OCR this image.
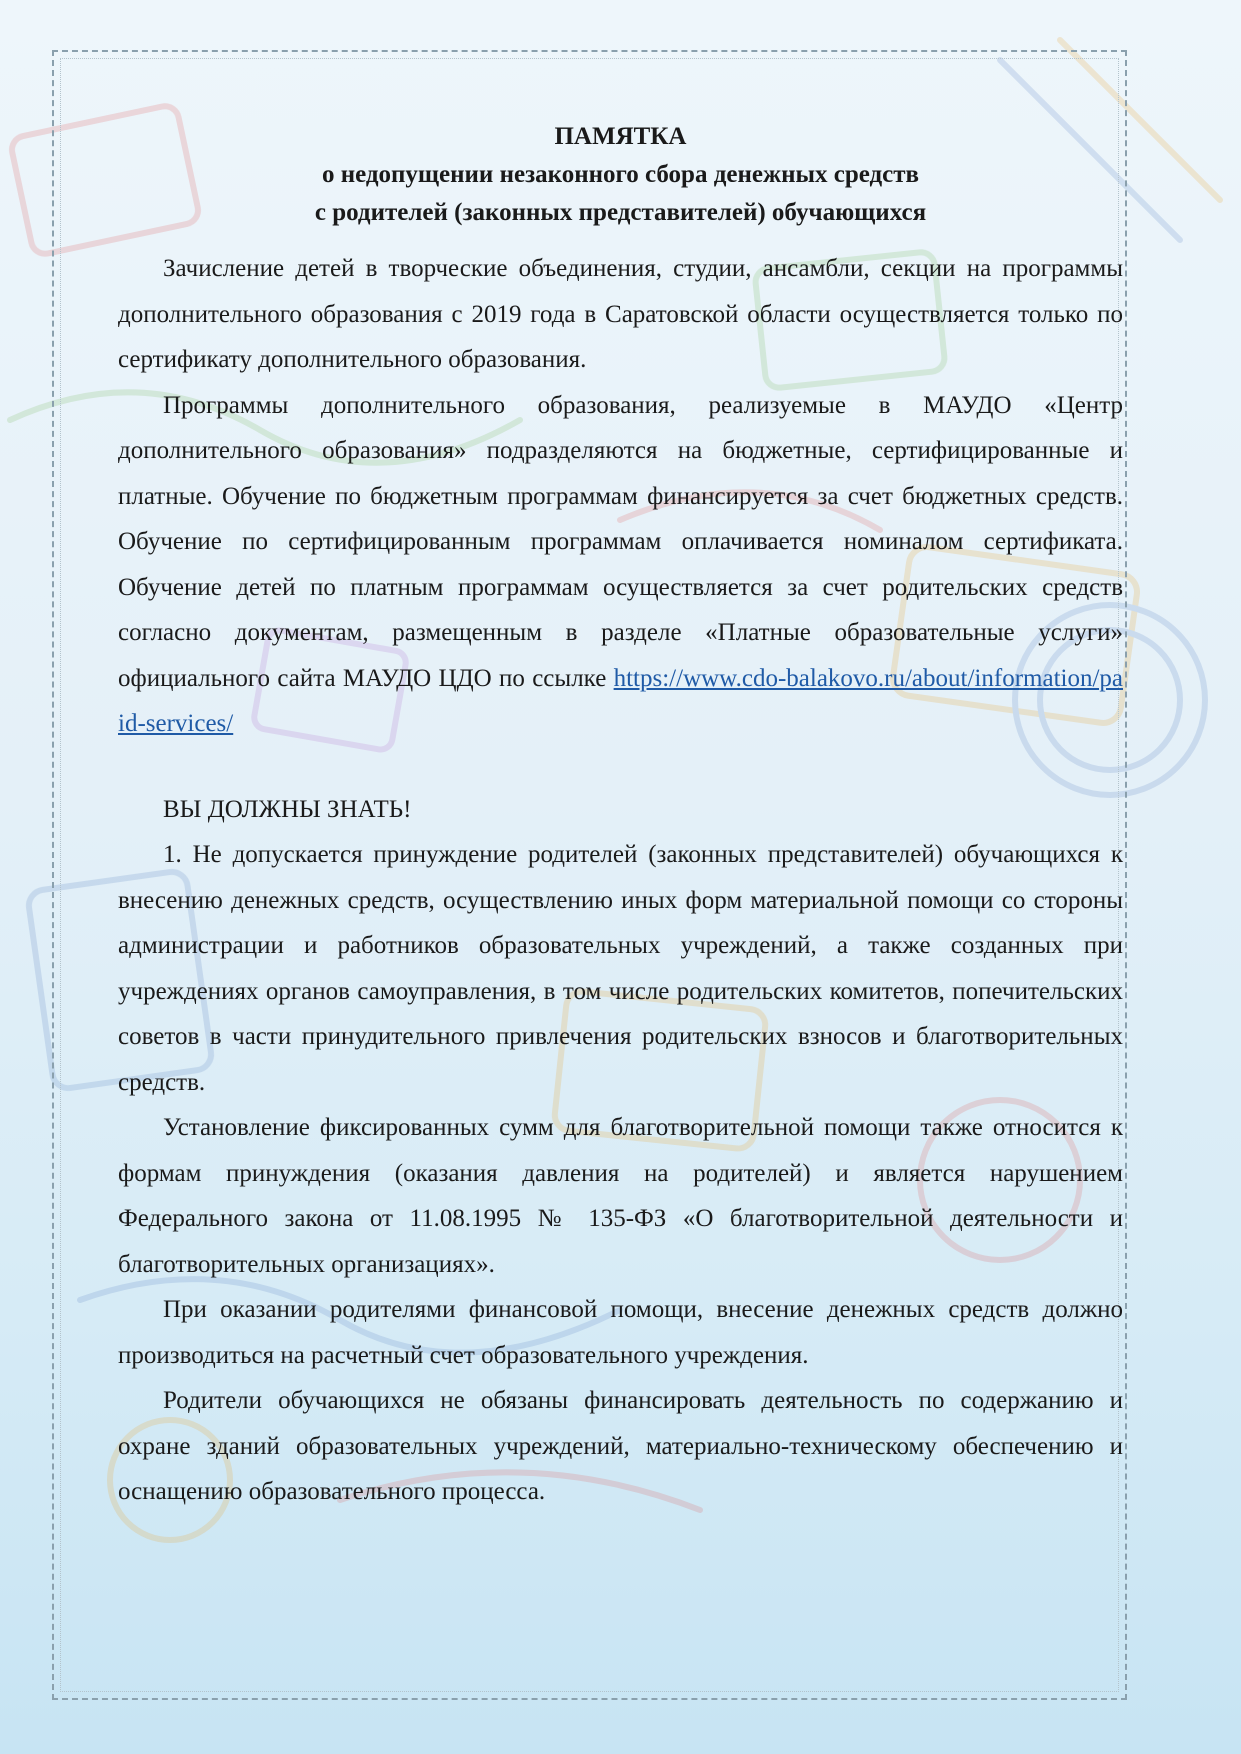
ПАМЯТКА
о недопущении незаконного сбора денежных средств
с родителей (законных представителей) обучающихся

Зачисление детей в творческие объединения, студии, ансамбли, секции на программы дополнительного образования с 2019 года в Саратовской области осуществляется только по сертификату дополнительного образования.

Программы дополнительного образования, реализуемые в МАУДО «Центр дополнительного образования» подразделяются на бюджетные, сертифицированные и платные. Обучение по бюджетным программам финансируется за счет бюджетных средств. Обучение по сертифицированным программам оплачивается номиналом сертификата. Обучение детей по платным программам осуществляется за счет родительских средств согласно документам, размещенным в разделе «Платные образовательные услуги» официального сайта МАУДО ЦДО по ссылке https://www.cdo-balakovo.ru/about/information/paid-services/

ВЫ ДОЛЖНЫ ЗНАТЬ!

1. Не допускается принуждение родителей (законных представителей) обучающихся к внесению денежных средств, осуществлению иных форм материальной помощи со стороны администрации и работников образовательных учреждений, а также созданных при учреждениях органов самоуправления, в том числе родительских комитетов, попечительских советов в части принудительного привлечения родительских взносов и благотворительных средств.

Установление фиксированных сумм для благотворительной помощи также относится к формам принуждения (оказания давления на родителей) и является нарушением Федерального закона от 11.08.1995 № 135-ФЗ «О благотворительной деятельности и благотворительных организациях».

При оказании родителями финансовой помощи, внесение денежных средств должно производиться на расчетный счет образовательного учреждения.

Родители обучающихся не обязаны финансировать деятельность по содержанию и охране зданий образовательных учреждений, материально-техническому обеспечению и оснащению образовательного процесса.
